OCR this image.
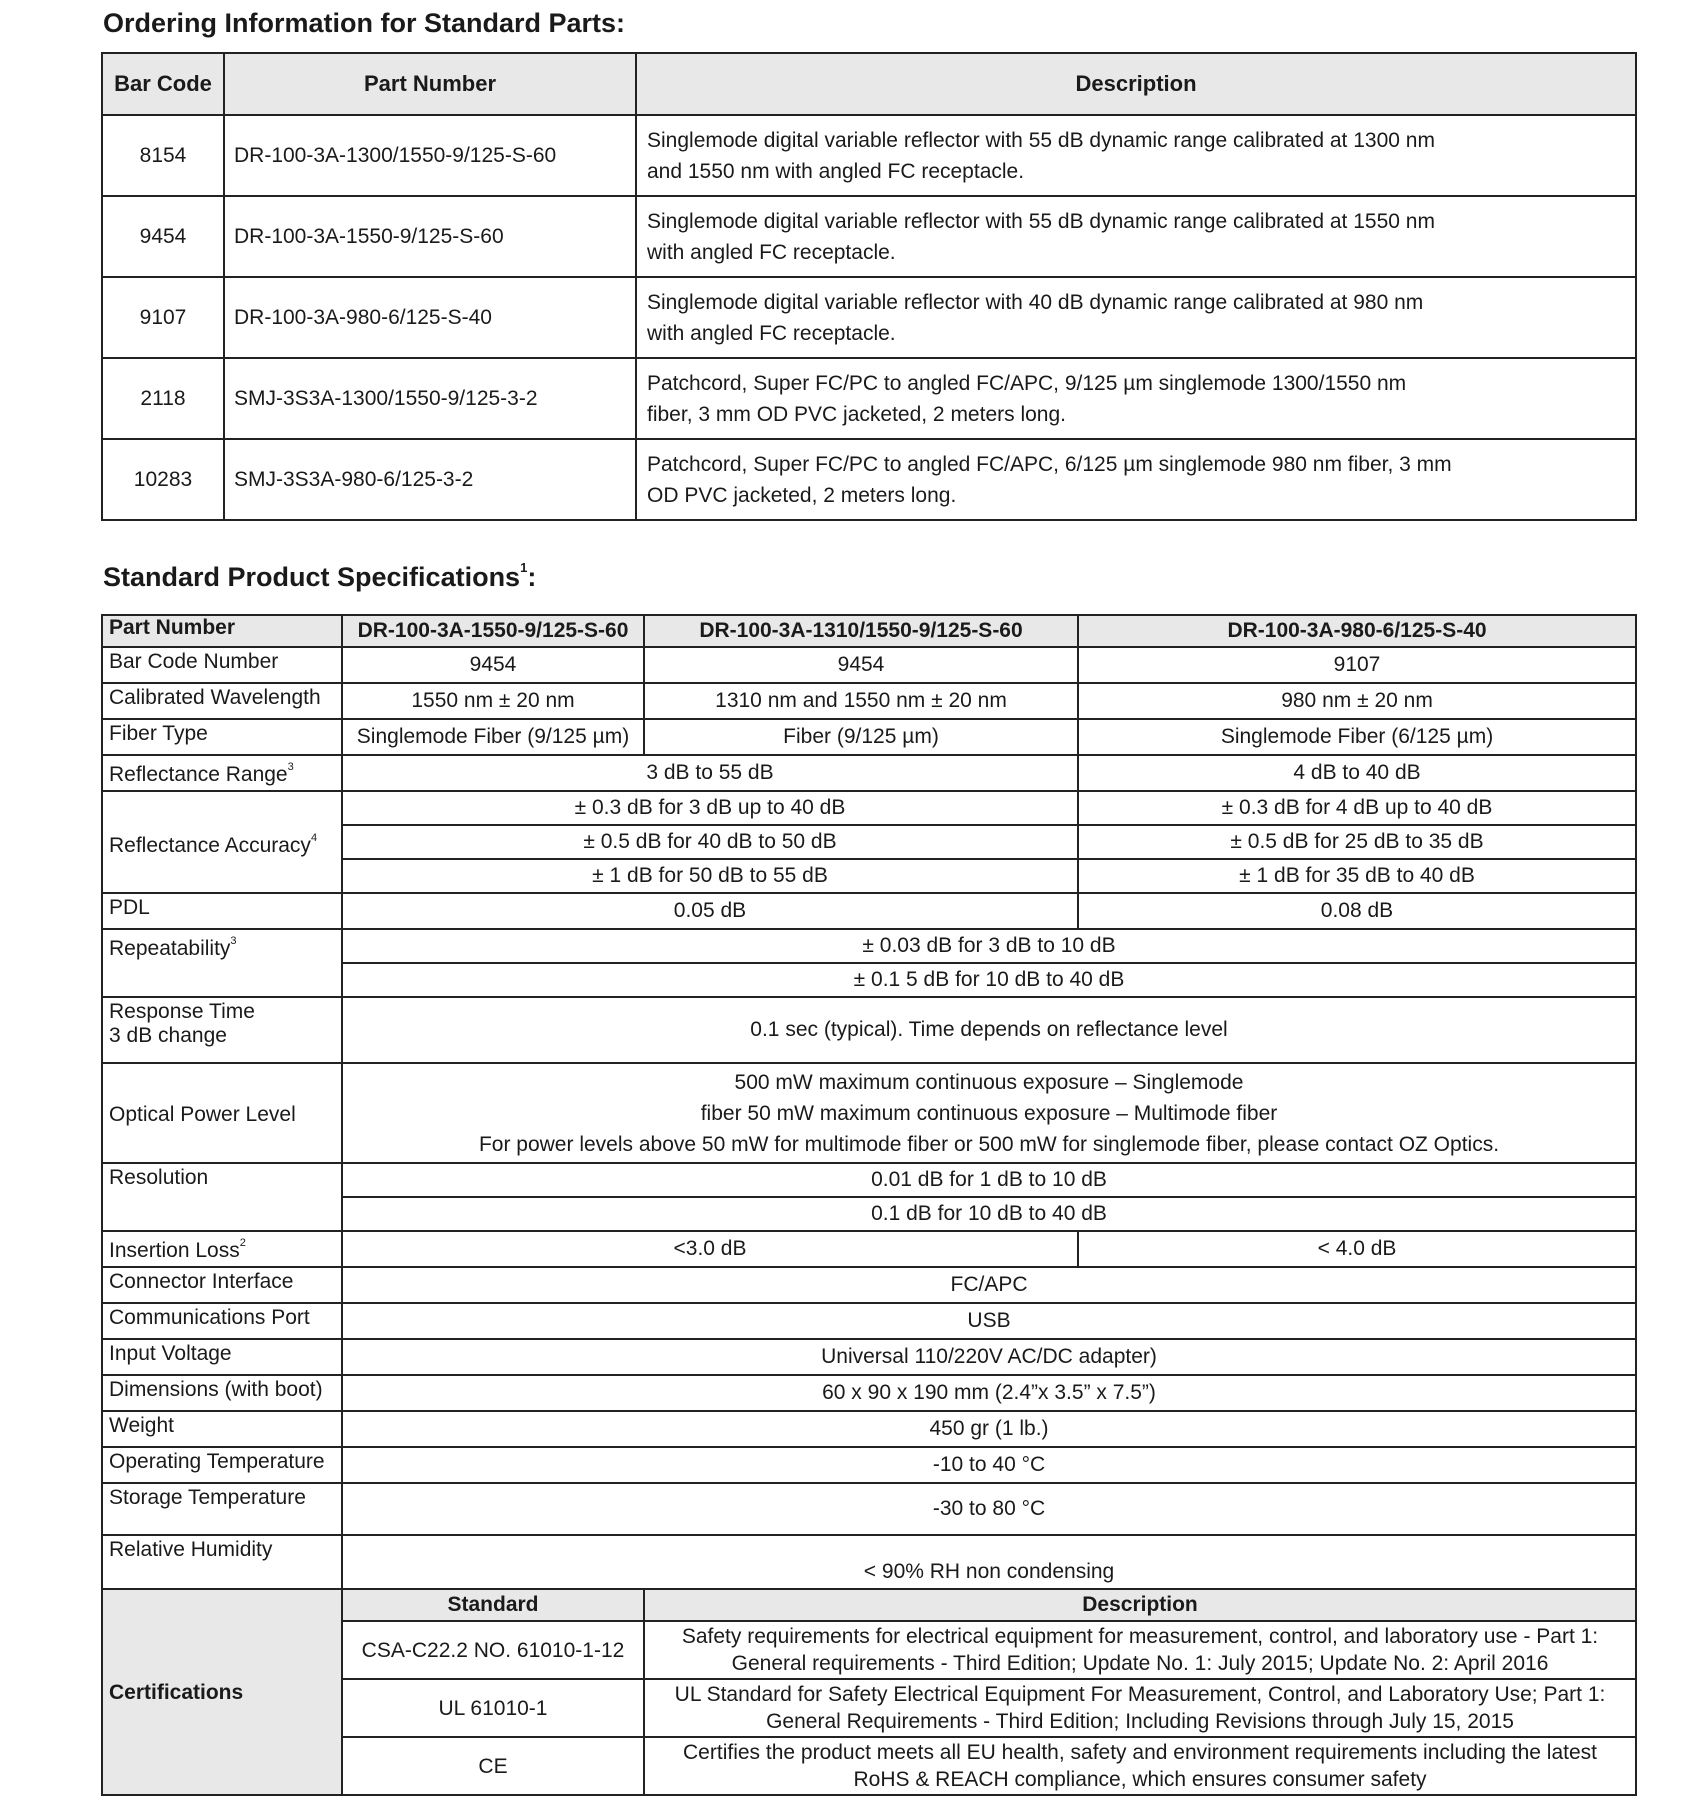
Ordering Information for Standard Parts:
Bar Code	Part Number	Description
8154	DR-100-3A-1300/1550-9/125-S-60	Singlemode digital variable reflector with 55 dB dynamic range calibrated at 1300 nm
and 1550 nm with angled FC receptacle.
9454	DR-100-3A-1550-9/125-S-60	Singlemode digital variable reflector with 55 dB dynamic range calibrated at 1550 nm
with angled FC receptacle.
9107	DR-100-3A-980-6/125-S-40	Singlemode digital variable reflector with 40 dB dynamic range calibrated at 980 nm
with angled FC receptacle.
2118	SMJ-3S3A-1300/1550-9/125-3-2	Patchcord, Super FC/PC to angled FC/APC, 9/125 µm singlemode 1300/1550 nm
fiber, 3 mm OD PVC jacketed, 2 meters long.
10283	SMJ-3S3A-980-6/125-3-2	Patchcord, Super FC/PC to angled FC/APC, 6/125 µm singlemode 980 nm fiber, 3 mm
OD PVC jacketed, 2 meters long.
Standard Product Specifications$^1$:
Part Number	DR-100-3A-1550-9/125-S-60	DR-100-3A-1310/1550-9/125-S-60	DR-100-3A-980-6/125-S-40
Bar Code Number	9454	9454	9107
Calibrated Wavelength	1550 nm ± 20 nm	1310 nm and 1550 nm ± 20 nm	980 nm ± 20 nm
Fiber Type	Singlemode Fiber (9/125 µm)	Fiber (9/125 µm)	Singlemode Fiber (6/125 µm)
Reflectance Range$^3$	3 dB to 55 dB		4 dB to 40 dB
Reflectance Accuracy$^4$	± 0.3 dB for 3 dB up to 40 dB		± 0.3 dB for 4 dB up to 40 dB
	± 0.5 dB for 40 dB to 50 dB		± 0.5 dB for 25 dB to 35 dB
	± 1 dB for 50 dB to 55 dB		± 1 dB for 35 dB to 40 dB
PDL	0.05 dB		0.08 dB
Repeatability$^3$	± 0.03 dB for 3 dB to 10 dB		
	± 0.1 5 dB for 10 dB to 40 dB		
Response Time
3 dB change	0.1 sec (typical). Time depends on reflectance level		
Optical Power Level	500 mW maximum continuous exposure – Singlemode
fiber 50 mW maximum continuous exposure – Multimode fiber
For power levels above 50 mW for multimode fiber or 500 mW for singlemode fiber, please contact OZ Optics.		
Resolution	0.01 dB for 1 dB to 10 dB		
	0.1 dB for 10 dB to 40 dB		
Insertion Loss$^2$	<3.0 dB		< 4.0 dB
Connector Interface	FC/APC		
Communications Port	USB		
Input Voltage	Universal 110/220V AC/DC adapter)		
Dimensions (with boot)	60 x 90 x 190 mm (2.4”x 3.5” x 7.5”)		
Weight	450 gr (1 lb.)		
Operating Temperature	-10 to 40 °C		
Storage Temperature	-30 to 80 °C		
Relative Humidity	< 90% RH non condensing		
Certifications	Standard	Description	
	CSA-C22.2 NO. 61010-1-12	Safety requirements for electrical equipment for measurement, control, and laboratory use - Part 1:
General requirements - Third Edition; Update No. 1: July 2015; Update No. 2: April 2016	
	UL 61010-1	UL Standard for Safety Electrical Equipment For Measurement, Control, and Laboratory Use; Part 1:
General Requirements - Third Edition; Including Revisions through July 15, 2015	
	CE	Certifies the product meets all EU health, safety and environment requirements including the latest
RoHS & REACH compliance, which ensures consumer safety	
